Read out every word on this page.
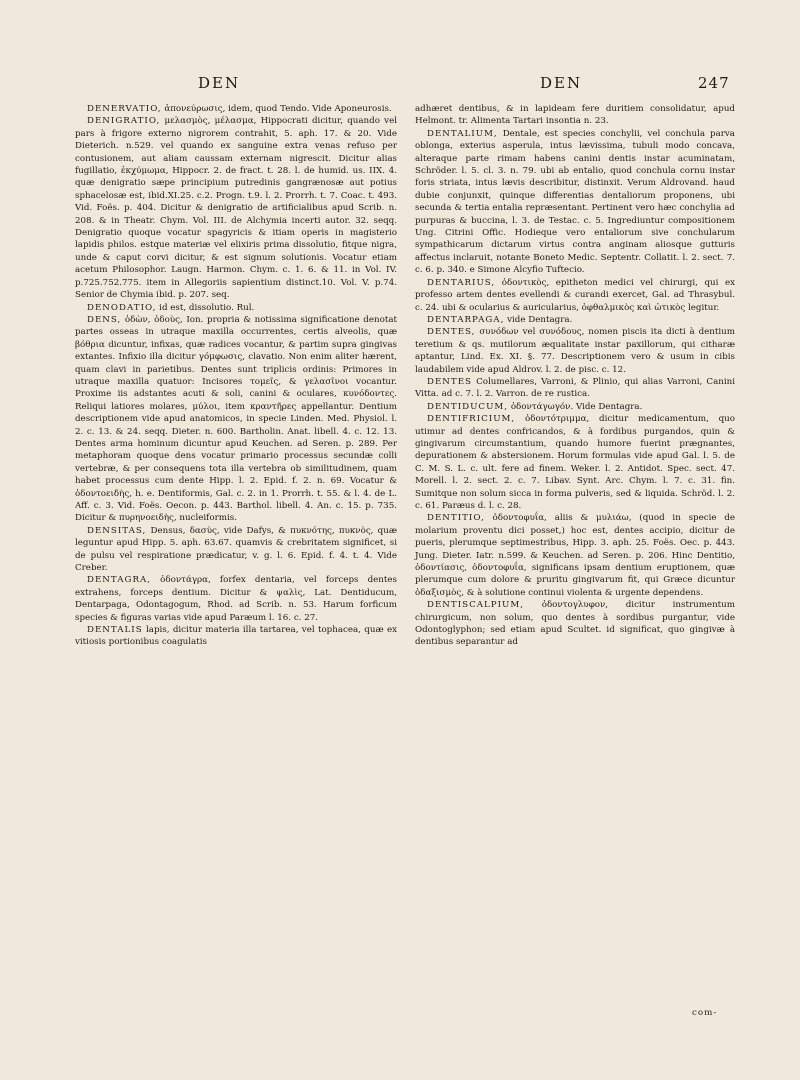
DEN	DEN	247

DENERVATIO, ἀπονεύρωσις, idem, quod Tendo. Vide Aponeurosis.

DENIGRATIO, μελασμὸς, μέλασμα, Hippocrati dicitur, quando vel pars à frigore externo nigrorem contrahit, 5. aph. 17. & 20. Vide Dieterich. n.529. vel quando ex sanguine extra venas refuso per contusionem, aut aliam caussam externam nigrescit. Dicitur alias fugillatio, ἐκχύμωμα, Hippocr. 2. de fract. t. 28. l. de humid. us. IIX. 4. quæ denigratio sæpe principium putredinis gangrænosæ aut potius sphacelosæ est, ibid.XI.25. c.2. Progn. t.9. l. 2. Prorrh. t. 7. Coac. t. 493. Vid. Foës. p. 404. Dicitur & denigratio de artificialibus apud Scrib. n. 208. & in Theatr. Chym. Vol. III. de Alchymia incerti autor. 32. seqq. Denigratio quoque vocatur spagyricis & itiam operis in magisterio lapidis philos. estque materiæ vel elixiris prima dissolutio, fitque nigra, unde & caput corvi dicitur, & est signum solutionis. Vocatur etiam acetum Philosophor. Laugn. Harmon. Chym. c. 1. 6. & 11. in Vol. IV. p.725.752.775. item in Allegoriis sapientium distinct.10. Vol. V. p.74. Senior de Chymia ibid. p. 207. seq.

DENODATIO, id est, dissolutio. Rul.

DENS, ὀδὼν, ὀδοὺς, Ion. propria & notissima significatione denotat partes osseas in utraque maxilla occurrentes, certis alveolis, quæ βόθρια dicuntur, infixas, quæ radices vocantur, & partim supra gingivas extantes. Infixio illa dicitur γόμφωσις, clavatio. Non enim aliter hærent, quam clavi in parietibus. Dentes sunt triplicis ordinis: Primores in utraque maxilla quatuor: Incisores τομεῖς, & γελασῖνοι vocantur. Proxime iis adstantes acuti & soli, canini & oculares, κυνόδοντες. Reliqui latiores molares, μύλοι, item κραντῆρες appellantur. Dentium descriptionem vide apud anatomicos, in specie Linden. Med. Physiol. l. 2. c. 13. & 24. seqq. Dieter. n. 600. Bartholin. Anat. libell. 4. c. 12. 13. Dentes arma hominum dicuntur apud Keuchen. ad Seren. p. 289. Per metaphoram quoque dens vocatur primario processus secundæ colli vertebræ, & per consequens tota illa vertebra ob similitudinem, quam habet processus cum dente Hipp. l. 2. Epid. f. 2. n. 69. Vocatur & ὀδοντοειδὴς, h. e. Dentiformis, Gal. c. 2. in 1. Prorrh. t. 55. & l. 4. de L. Aff. c. 3. Vid. Foës. Oecon. p. 443. Barthol. libell. 4. An. c. 15. p. 735. Dicitur & πυρηνοειδὴς, nucleiformis.

DENSITAS, Densus, δασὺς, vide Dafys, & πυκνότης, πυκνὸς, quæ leguntur apud Hipp. 5. aph. 63.67. quamvis & crebritatem significet, si de pulsu vel respiratione prædicatur, v. g. l. 6. Epid. f. 4. t. 4. Vide Creber.

DENTAGRA, ὀδοντάγρα, forfex dentaria, vel forceps dentes extrahens, forceps dentium. Dicitur & ψαλὶς, Lat. Dentiducum, Dentarpaga, Odontagogum, Rhod. ad Scrib. n. 53. Harum forficum species & figuras varias vide apud Paræum l. 16. c. 27.

DENTALIS lapis, dicitur materia illa tartarea, vel tophacea, quæ ex vitiosis portionibus coagulatis

adhæret dentibus, & in lapideam fere duritiem consolidatur, apud Helmont. tr. Alimenta Tartari insontia n. 23.

DENTALIUM, Dentale, est species conchylii, vel conchula parva oblonga, exterius asperula, intus lævissima, tubuli modo concava, alteraque parte rimam habens canini dentis instar acuminatam, Schröder. l. 5. cl. 3. n. 79. ubi ab entalio, quod conchula cornu instar foris striata, intus lævis describitur, distinxit. Verum Aldrovand. haud dubie conjunxit, quinque differentias dentaliorum proponens, ubi secunda & tertia entalia repræsentant. Pertinent vero hæc conchylia ad purpuras & buccina, l. 3. de Testac. c. 5. Ingrediuntur compositionem Ung. Citrini Offic. Hodieque vero entaliorum sive conchularum sympathicarum dictarum virtus contra anginam aliosque gutturis affectus inclaruit, notante Boneto Medic. Septentr. Collatit. l. 2. sect. 7. c. 6. p. 340. e Simone Alcyfio Tuftecio.

DENTARIUS, ὀδοντικὸς, epitheton medici vel chirurgi, qui ex professo artem dentes evellendi & curandi exercet, Gal. ad Thrasybul. c. 24. ubi & ocularius & auricularius, ὀφθαλμικὸς καὶ ὠτικὸς legitur.

DENTARPAGA, vide Dentagra.

DENTES, συνόδων vel συνόδους, nomen piscis ita dicti à dentium teretium & qs. mutilorum æqualitate instar paxillorum, qui citharæ aptantur, Lind. Ex. XI. §. 77. Descriptionem vero & usum in cibis laudabilem vide apud Aldrov. l. 2. de pisc. c. 12.

DENTES Columellares, Varroni, & Plinio, qui alias Varroni, Canini Vitta. ad c. 7. l. 2. Varron. de re rustica.

DENTIDUCUM, ὀδοντάγωγόν. Vide Dentagra.

DENTIFRICIUM, ὀδοντότριμμα, dicitur medicamentum, quo utimur ad dentes confricandos, & à fordibus purgandos, quin & gingivarum circumstantium, quando humore fuerint prægnantes, depurationem & abstersionem. Horum formulas vide apud Gal. l. 5. de C. M. S. L. c. ult. fere ad finem. Weker. l. 2. Antidot. Spec. sect. 47. Morell. l. 2. sect. 2. c. 7. Libav. Synt. Arc. Chym. l. 7. c. 31. fin. Sumitque non solum sicca in forma pulveris, sed & liquida. Schröd. l. 2. c. 61. Paræus d. l. c. 28.

DENTITIO, ὀδοντοφυΐα, aliis & μυλιάω, (quod in specie de molarium proventu dici posset,) hoc est, dentes accipio, dicitur de pueris, plerumque septimestribus, Hipp. 3. aph. 25. Foës. Oec. p. 443. Jung. Dieter. Iatr. n.599. & Keuchen. ad Seren. p. 206. Hinc Dentitio, ὀδοντίασις, ὀδοντοφυΐα, significans ipsam dentium eruptionem, quæ plerumque cum dolore & pruritu gingivarum fit, qui Græce dicuntur ὀδαξισμὸς, & à solutione continui violenta & urgente dependens.

DENTISCALPIUM, ὀδοντογλυφον, dicitur instrumentum chirurgicum, non solum, quo dentes à sordibus purgantur, vide Odontoglyphon; sed etiam apud Scultet. id significat, quo gingivæ à dentibus separantur ad

com-
